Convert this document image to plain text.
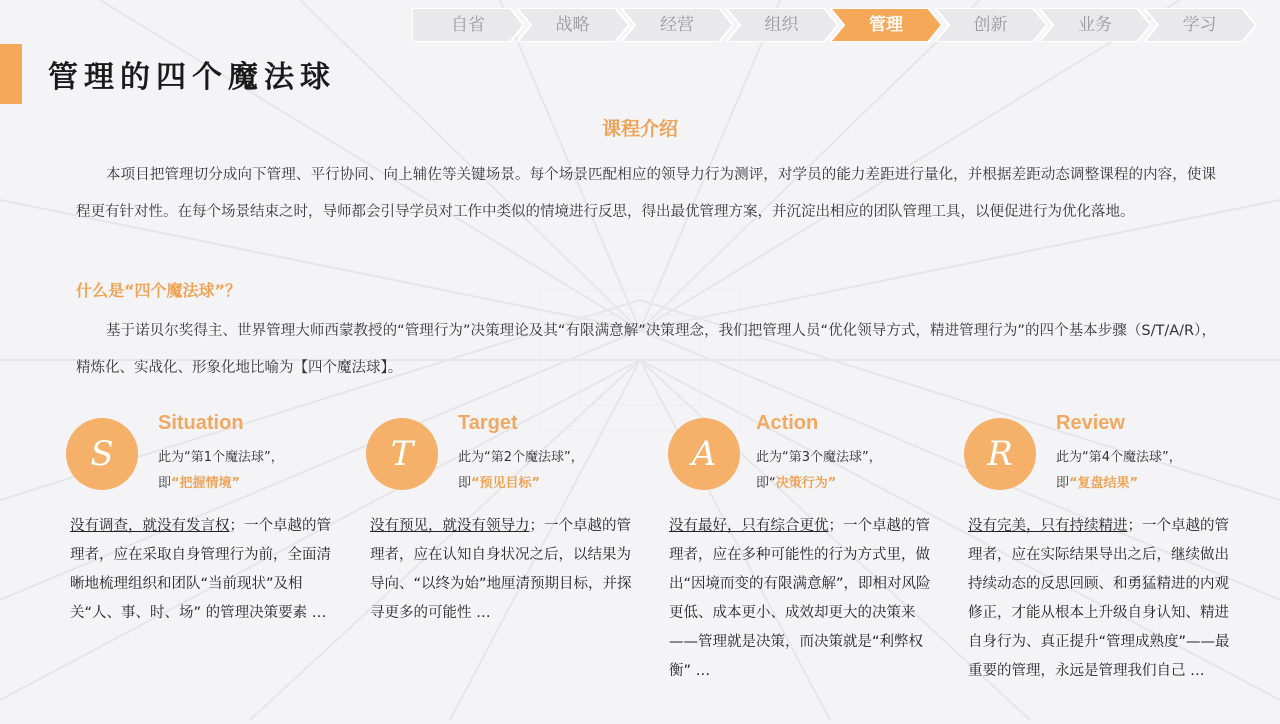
自省	战略	经营	组织	管理	创新	业务	学习
管理的四个魔法球
课程介绍
本项目把管理切分成向下管理、平行协同、向上辅佐等关键场景。每个场景匹配相应的领导力行为测评，对学员的能力差距进行量化，并根据差距动态调整课程的内容，使课程更有针对性。在每个场景结束之时，导师都会引导学员对工作中类似的情境进行反思，得出最优管理方案，并沉淀出相应的团队管理工具，以便促进行为优化落地。
什么是“四个魔法球”？
基于诺贝尔奖得主、世界管理大师西蒙教授的“管理行为”决策理论及其“有限满意解”决策理念，我们把管理人员“优化领导方式，精进管理行为”的四个基本步骤（S/T/A/R），精炼化、实战化、形象化地比喻为【四个魔法球】。
S
Situation
此为“第1个魔法球”，
即“把握情境”
没有调查，就没有发言权；一个卓越的管理者，应在采取自身管理行为前，全面清晰地梳理组织和团队“当前现状”及相关“人、事、时、场” 的管理决策要素 …
T
Target
此为“第2个魔法球”，
即“预见目标”
没有预见，就没有领导力；一个卓越的管理者，应在认知自身状况之后，以结果为导向、“以终为始”地厘清预期目标，并探寻更多的可能性 …
A
Action
此为“第3个魔法球”，
即“决策行为”
没有最好，只有综合更优；一个卓越的管理者，应在多种可能性的行为方式里，做出“因境而变的有限满意解”，即相对风险更低、成本更小、成效却更大的决策来——管理就是决策，而决策就是“利弊权衡” …
R
Review
此为“第4个魔法球”，
即“复盘结果”
没有完美，只有持续精进；一个卓越的管理者，应在实际结果导出之后，继续做出持续动态的反思回顾、和勇猛精进的内观修正，才能从根本上升级自身认知、精进自身行为、真正提升“管理成熟度”——最重要的管理，永远是管理我们自己 …
